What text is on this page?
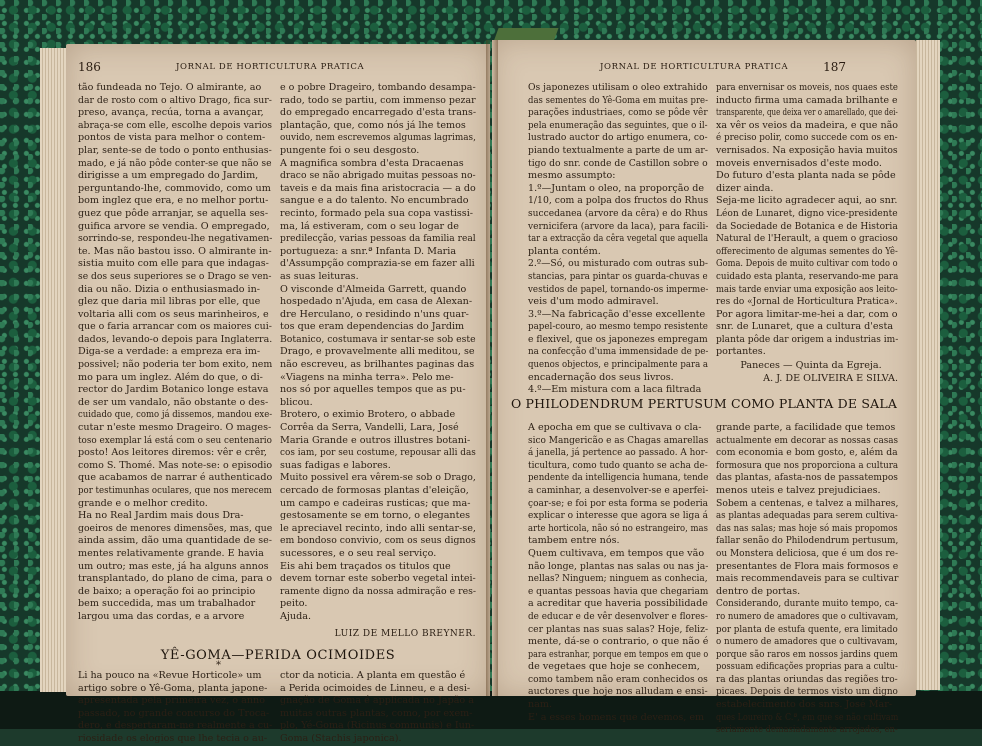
186	JORNAL DE HORTICULTURA PRATICA
tão fundeada no Tejo. O almirante, ao
dar de rosto com o altivo Drago, fica sur-
preso, avança, recúa, torna a avançar,
abraça-se com elle, escolhe depois varios
pontos de vista para melhor o contem-
plar, sente-se de todo o ponto enthusias-
mado, e já não pôde conter-se que não se
dirigisse a um empregado do Jardim,
perguntando-lhe, commovido, como um
bom inglez que era, e no melhor portu-
guez que pôde arranjar, se aquella ses-
guifica arvore se vendia. O empregado,
sorrindo-se, respondeu-lhe negativamen-
te. Mas não bastou isso. O almirante in-
sistia muito com elle para que indagas-
se dos seus superiores se o Drago se ven-
dia ou não. Dizia o enthusiasmado in-
glez que daria mil libras por elle, que
voltaria alli com os seus marinheiros, e
que o faria arrancar com os maiores cui-
dados, levando-o depois para Inglaterra.
Diga-se a verdade: a empreza era im-
possivel; não poderia ter bom exito, nem
mo para um inglez. Além do que, o di-
rector do Jardim Botanico longe estava
de ser um vandalo, não obstante o des-
cuidado que, como já dissemos, mandou exe-
cutar n'este mesmo Drageiro. O mages-
toso exemplar lá está com o seu centenario
posto! Aos leitores diremos: vêr e crêr,
como S. Thomé. Mas note-se: o episodio
que acabamos de narrar é authenticado
por testimunhas oculares, que nos merecem
grande e o melhor credito.
Ha no Real Jardim mais dous Dra-
goeiros de menores dimensões, mas, que
ainda assim, dão uma quantidade de se-
mentes relativamente grande. E havia
um outro; mas este, já ha alguns annos
transplantado, do plano de cima, para o
de baixo; a operação foi ao principio
bem succedida, mas um trabalhador
largou uma das cordas, e a arvore
e o pobre Drageiro, tombando desampa-
rado, todo se partiu, com immenso pezar
do empregado encarregado d'esta trans-
plantação, que, como nós já lhe temos
ouvido, nem escrevemos algumas lagrimas,
pungente foi o seu desgosto.
A magnifica sombra d'esta Dracaenas
draco se não abrigado muitas pessoas no-
taveis e da mais fina aristocracia — a do
sangue e a do talento. No encumbrado
recinto, formado pela sua copa vastissi-
ma, lá estiveram, com o seu logar de
predilecção, varias pessoas da familia real
portugueza: a snr.ª Infanta D. Maria
d'Assumpção compraziа-se em fazer alli
as suas leituras.
O visconde d'Almeida Garrett, quando
hospedado n'Ajuda, em casa de Alexan-
dre Herculano, o residindo n'uns quar-
tos que eram dependencias do Jardim
Botanico, costumava ir sentar-se sob este
Drago, e provavelmente alli meditou, se
não escreveu, as brilhantes paginas das
«Viagens na minha terra». Pelo me-
nos só por aquelles tempos que as pu-
blicou.
Brotero, o eximio Brotero, o abbade
Corrêa da Serra, Vandelli, Lara, José
Maria Grande e outros illustres botani-
cos iam, por seu costume, repousar alli das
suas fadigas e labores.
Muito possivel era vêrem-se sob o Drago,
cercado de formosas plantas d'eleição,
um campo e cadeiras rusticas; que ma-
gestosamente se em torno, o elegantes
le apreciavel recinto, indo alli sentar-se,
em bondoso convivio, com os seus dignos
sucessores, e o seu real serviço.
Eis ahi bem traçados os titulos que
devem tornar este soberbo vegetal intei-
ramente digno da nossa admiração e res-
peito.
Ajuda.
LUIZ DE MELLO BREYNER.
YÊ-GOMA—PERIDA OCIMOIDES
*
Li ha pouco na «Revue Horticole» um
artigo sobre o Yê-Goma, planta japone-
apresentada pela primeira vez, o anno
passado, no grande concurso do Troca-
dero, e despertaram-me realmente a cu-
riosidade os elogios que lhe tecia o au-
ctor da noticia. A planta em questão é
a Perida ocimoides de Linneu, e a desi-
gnação de Goma é applicada no Japão a
muitas outras plantas, como, por exem-
plo, Yé-Goma (Ricinus communis) e Iun-
Goma (Stachis japonica).
JORNAL DE HORTICULTURA PRATICA	187
Os japonezes utilisam o oleo extrahido
das sementes do Yê-Goma em muitas pre-
parações industriaes, como se pôde vêr
pela enumeração das seguintes, que o il-
lustrado auctor do artigo enumera, co-
piando textualmente a parte de um ar-
tigo do snr. conde de Castillon sobre o
mesmo assumpto:
1.º—Juntam o oleo, na proporção de
1/10, com a polpa dos fructos do Rhus
succedanea (arvore da cêra) e do Rhus
vernicifera (arvore da laca), para facili-
tar a extracção da cêra vegetal que aquella
planta contém.
2.º—Só, ou misturado com outras sub-
stancias, para pintar os guarda-chuvas e
vestidos de papel, tornando-os imperme-
veis d'um modo admiravel.
3.º—Na fabricação d'esse excellente
papel-couro, ao mesmo tempo resistente
e flexivel, que os japonezes empregam
na confecção d'uma immensidade de pe-
quenos objectos, e principalmente para a
encadernação dos seus livros.
4.º—Em mistura com a laca filtrada
para envernisar os moveis, nos quaes este
inducto firma uma camada brilhante e
transparente, que deixa ver o amarellado, que dei-
xa vêr os veios da madeira, e que não
é preciso polir, como succede com os en-
vernisados. Na exposição havia muitos
moveis envernisados d'este modo.
Do futuro d'esta planta nada se pôde
dizer ainda.
Seja-me licito agradecer aqui, ao snr.
Léon de Lunaret, digno vice-presidente
da Sociedade de Botanica e de Historia
Natural de l'Herault, a quem o gracioso
offerecimento de algumas sementes do Yê-
Goma. Depois de muito cultivar com todo o
cuidado esta planta, reservando-me para
mais tarde enviar uma exposição aos leito-
res do «Jornal de Horticultura Pratica».
Por agora limitar-me-hei a dar, com o
snr. de Lunaret, que a cultura d'esta
planta pôde dar origem a industrias im-
portantes.
Paneces — Quinta da Egreja.
A. J. DE OLIVEIRA E SILVA.
O PHILODENDRUM PERTUSUM COMO PLANTA DE SALA
A epocha em que se cultivava o cla-
sico Mangericão e as Chagas amarellas
á janella, já pertence ao passado. A hor-
ticultura, como tudo quanto se acha de-
pendente da intelligencia humana, tende
a caminhar, a desenvolver-se e aperfei-
çoar-se; e foi por esta forma se poderia
explicar o interesse que agora se liga á
arte horticola, não só no estrangeiro, mas
tambem entre nós.
Quem cultivava, em tempos que vão
não longe, plantas nas salas ou nas ja-
nellas? Ninguem; ninguem as conhecia,
e quantas pessoas havia que chegariam
a acreditar que haveria possibilidade
de educar e de vêr desenvolver e flores-
cer plantas nas suas salas? Hoje, feliz-
mente, dá-se o contrario, o que não é
para estranhar, porque em tempos em que o
de vegetaes que hoje se conhecem,
como tambem não eram conhecidos os
auctores que hoje nos alludam e ensi-
nam.
E' a esses homens que devemos, em
grande parte, a facilidade que temos
actualmente em decorar as nossas casas
com economia e bom gosto, e, além da
formosura que nos proporciona a cultura
das plantas, afasta-nos de passatempos
menos uteis e talvez prejudiciaes.
Sobem a centenas, e talvez a milhares,
as plantas adequadas para serem cultiva-
das nas salas; mas hoje só mais propomos
fallar senão do Philodendrum pertusum,
ou Monstera deliciosa, que é um dos re-
presentantes de Flora mais formosos e
mais recommendaveis para se cultivar
dentro de portas.
Considerando, durante muito tempo, ca-
ro numero de amadores que o cultivavam,
por planta de estufa quente, era limitado
o numero de amadores que o cultivavam,
porque são raros em nossos jardins quem
possuam edificações proprias para a cultu-
ra das plantas oriundas das regiões tro-
picaes. Depois de termos visto um digno
estabelecimento dos snrs. José Mar-
ques Loureiro & C.ª, em que se não cultivam
seriamente demasiadamente arrojados, en-
